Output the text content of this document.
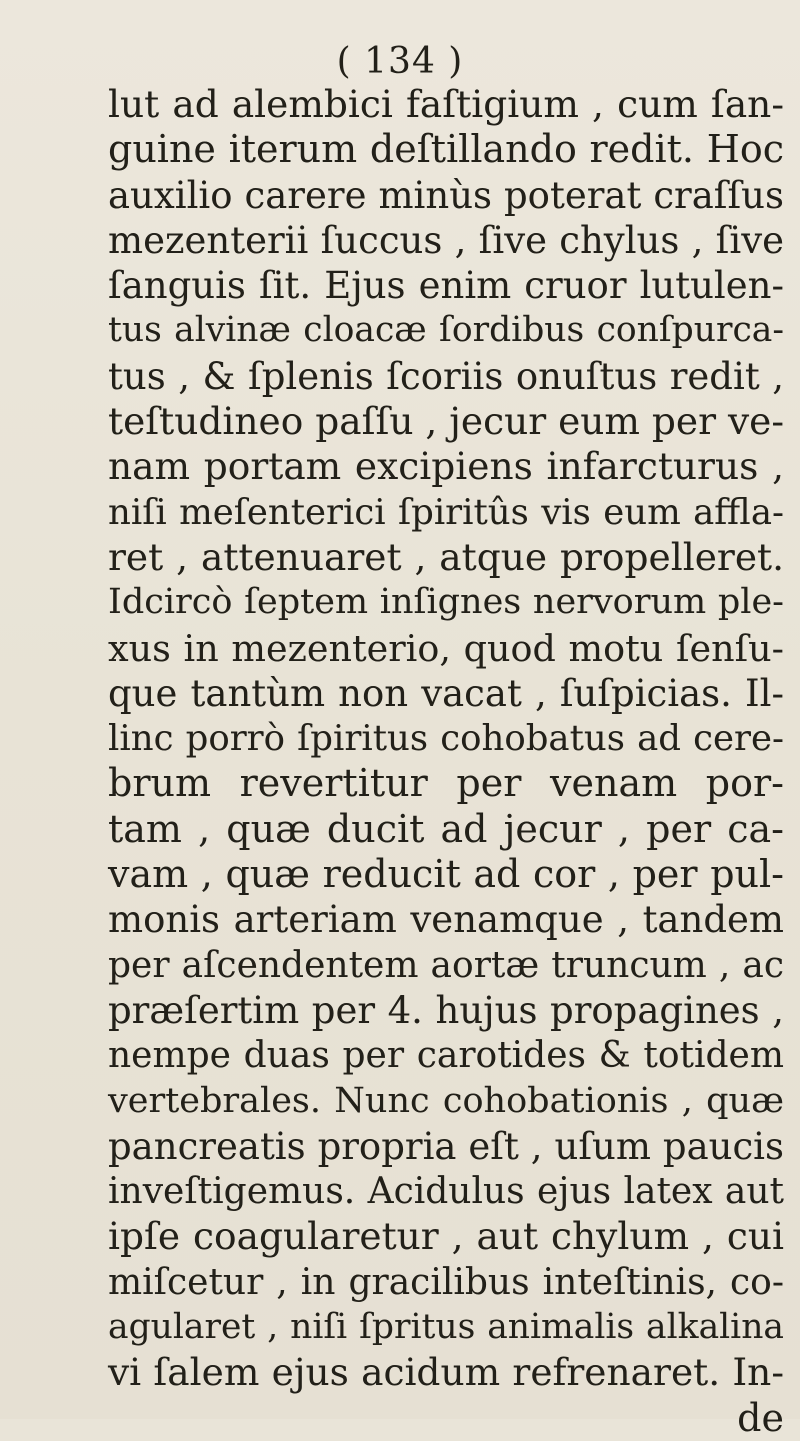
( 134 )
lut ad alembici faſtigium , cum ſan-
guine iterum deſtillando redit. Hoc
auxilio carere minùs poterat craſſus
mezenterii ſuccus , ſive chylus , ſive
ſanguis ſit. Ejus enim cruor lutulen-
tus alvinæ cloacæ ſordibus conſpurca-
tus , & ſplenis ſcoriis onuſtus redit ,
teſtudineo paſſu , jecur eum per ve-
nam portam excipiens infarcturus ,
niſi meſenterici ſpiritûs vis eum affla-
ret , attenuaret , atque propelleret.
Idcircò ſeptem inſignes nervorum ple-
xus in mezenterio, quod motu ſenſu-
que tantùm non vacat , ſuſpicias. Il-
linc porrò ſpiritus cohobatus ad cere-
brum revertitur per venam por-
tam , quæ ducit ad jecur , per ca-
vam , quæ reducit ad cor , per pul-
monis arteriam venamque , tandem
per aſcendentem aortæ truncum , ac
præſertim per 4. hujus propagines ,
nempe duas per carotides & totidem
vertebrales. Nunc cohobationis , quæ
pancreatis propria eſt , uſum paucis
inveſtigemus. Acidulus ejus latex aut
ipſe coagularetur , aut chylum , cui
miſcetur , in gracilibus inteſtinis, co-
agularet , niſi ſpritus animalis alkalina
vi ſalem ejus acidum refrenaret. In-
de
